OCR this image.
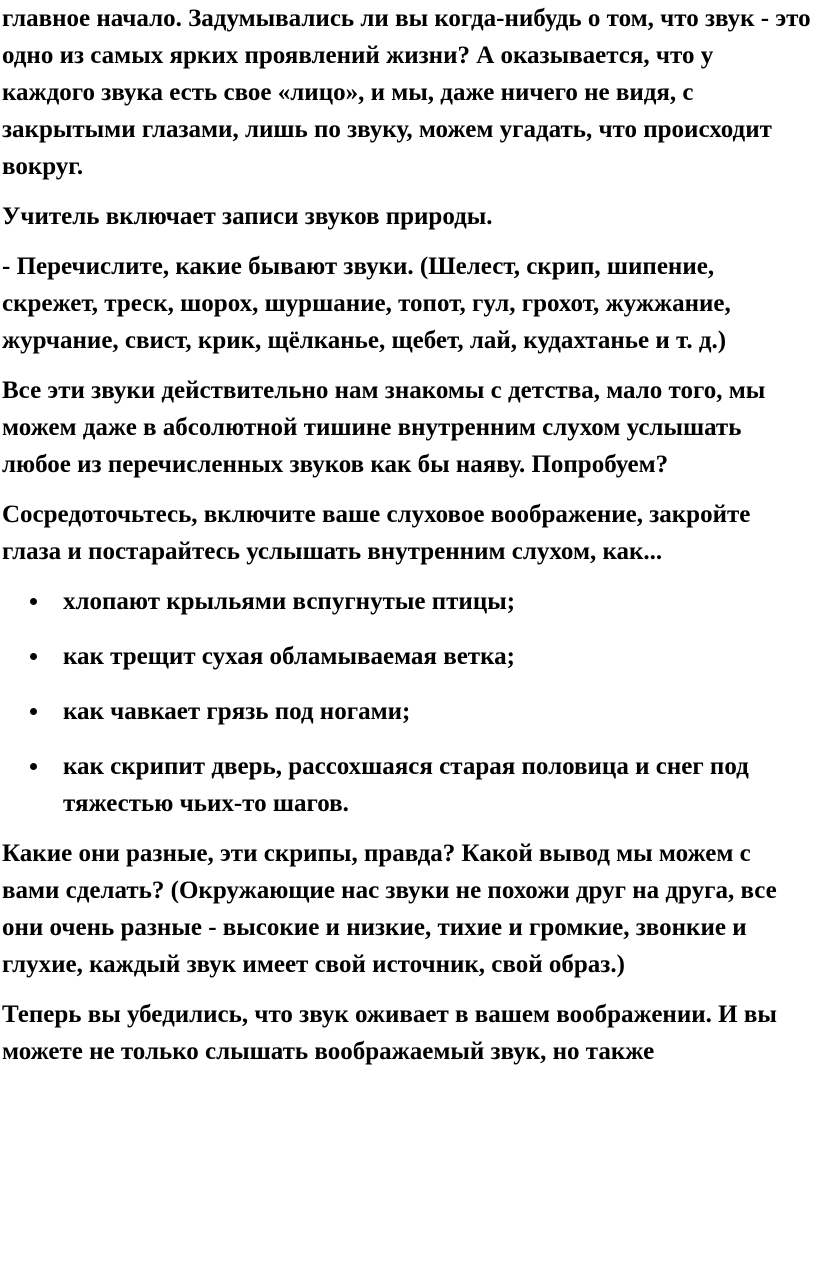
главное начало. Задумывались ли вы когда-нибудь о том, что звук - это одно из самых ярких проявлений жизни? А оказывается, что у каждого звука есть свое «лицо», и мы, даже ничего не видя, с закрытыми глазами, лишь по звуку, можем угадать, что происходит вокруг.

Учитель включает записи звуков природы.

- Перечислите, какие бывают звуки. (Шелест, скрип, шипение, скрежет, треск, шорох, шуршание, топот, гул, грохот, жужжание, журчание, свист, крик, щёлканье, щебет, лай, кудахтанье и т. д.)

Все эти звуки действительно нам знакомы с детства, мало того, мы можем даже в абсолютной тишине внутренним слухом услышать любое из перечисленных звуков как бы наяву. Попробуем?

Сосредоточьтесь, включите ваше слуховое воображение, закройте глаза и постарайтесь услышать внутренним слухом, как...

хлопают крыльями вспугнутые птицы;
как трещит сухая обламываемая ветка;
как чавкает грязь под ногами;
как скрипит дверь, рассохшаяся старая половица и снег под тяжестью чьих-то шагов.

Какие они разные, эти скрипы, правда? Какой вывод мы можем с вами сделать? (Окружающие нас звуки не похожи друг на друга, все они очень разные - высокие и низкие, тихие и громкие, звонкие и глухие, каждый звук имеет свой источник, свой образ.)

Теперь вы убедились, что звук оживает в вашем воображении. И вы можете не только слышать воображаемый звук, но также
